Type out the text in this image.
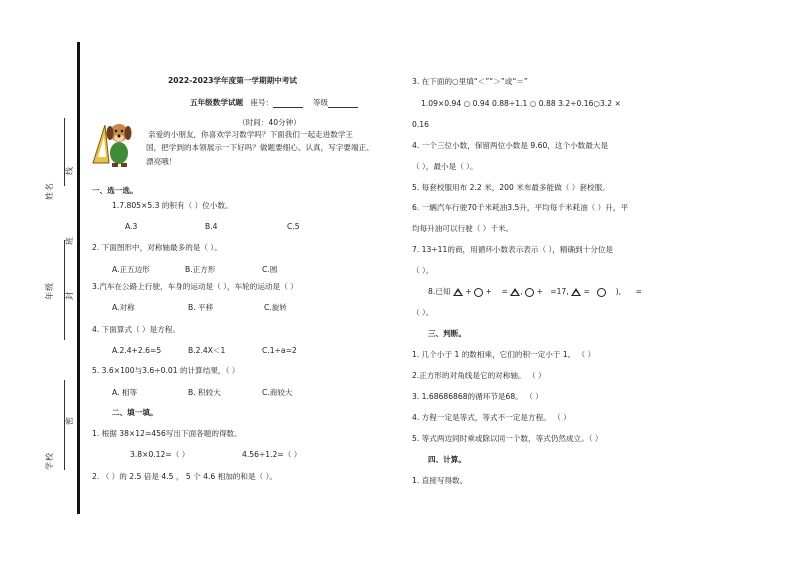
姓名
线
班
年级 封
密
学校
2022-2023学年度第一学期期中考试
五年级数学试题 座号：	等级
（时间：40分钟）
亲爱的小朋友，你喜欢学习数学吗？下面我们一起走进数学王
国，把学到的本领展示一下好吗？做题要细心、认真，写字要端正、
漂亮哦！
一、选一选。
1.7.805×5.3 的积有（ ）位小数。
A.3	B.4	C.5
2. 下面图形中，对称轴最多的是（ ）。
A.正五边形	B.正方形	C.圆
3.汽车在公路上行驶，车身的运动是（ ），车轮的运动是（ ）
A.对称	B. 平移	C.旋转
4. 下面算式（ ）是方程。
A.2.4+2.6=5	B.2.4X＜1	C.1÷a=2
5. 3.6×100与3.6÷0.01 的计算结果，（ ）
A. 相等	B. 积较大	C.商较大
二、填一填。
1. 根据 38×12=456写出下面各题的得数。
3.8×0.12=（ ）	4.56÷1.2=（ ）
2. （ ）的 2.5 倍是 4.5 ， 5 个 4.6 相加的和是（ ）。
3. 在下面的○里填“＜”“＞”或“＝”
1.09×0.94 ○ 0.94 0.88÷1.1 ○ 0.88 3.2÷0.16○3.2 ×
0.16
4. 一个三位小数，保留两位小数是 9.60，这个小数最大是
（ ），最小是（ ）。
5. 每套校服用布 2.2 米，200 米布最多能做（ ）套校服。
6. 一辆汽车行驶70千米耗油3.5升，平均每千米耗油（ ）升，平
均每升油可以行驶（ ）千米。
7. 13÷11的商，用循环小数表示表示（ ），精确到十分位是
（ ）。
8.已知 + + = ,  + =17, =	), =
（ ）。
三、判断。
1. 几个小于 1 的数相乘，它们的积一定小于 1。 （ ）
2.正方形的对角线是它的对称轴。 （ ）
3. 1.68686868的循环节是68。 （ ）
4. 方程一定是等式，等式不一定是方程。 （ ）
5. 等式两边同时乘或除以同一个数，等式仍然成立。（ ）
四、计算。
1. 直接写得数。
